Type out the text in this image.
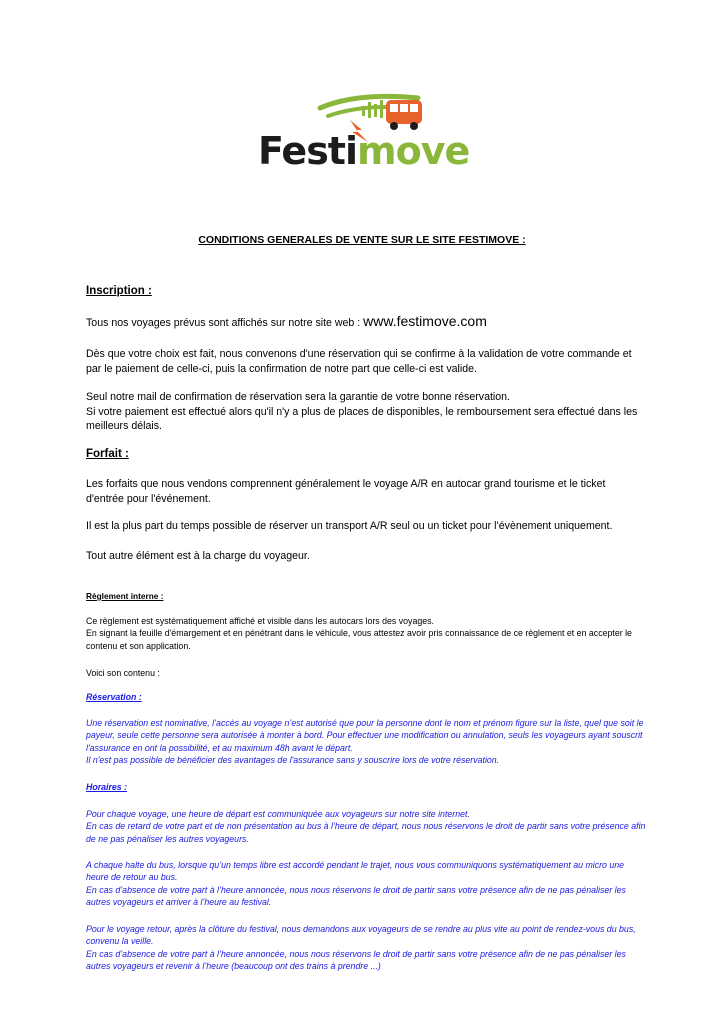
Festimove
CONDITIONS GENERALES DE VENTE SUR LE SITE FESTIMOVE :
Inscription :
Tous nos voyages prévus sont affichés sur notre site web : www.festimove.com
Dès que votre choix est fait, nous convenons d'une réservation qui se confirme à la validation de votre commande et par le paiement de celle-ci, puis la confirmation de notre part que celle-ci est valide.
Seul notre mail de confirmation de réservation sera la garantie de votre bonne réservation.
Si votre paiement est effectué alors qu'il n'y a plus de places de disponibles, le remboursement sera effectué dans les meilleurs délais.
Forfait :
Les forfaits que nous vendons comprennent généralement le voyage A/R en autocar grand tourisme et le ticket d'entrée pour l'événement.
Il est la plus part du temps possible de réserver un transport A/R seul ou un ticket pour l’évènement uniquement.
Tout autre élément est à la charge du voyageur.
Règlement interne :
Ce règlement est systématiquement affiché et visible dans les autocars lors des voyages.
En signant la feuille d'émargement et en pénétrant dans le véhicule, vous attestez avoir pris connaissance de ce règlement et en accepter le contenu et son application.
Voici son contenu :
Réservation :
Une réservation est nominative, l’accès au voyage n’est autorisé que pour la personne dont le nom et prénom figure sur la liste, quel que soit le payeur, seule cette personne sera autorisée à monter à bord. Pour effectuer une modification ou annulation, seuls les voyageurs ayant souscrit l'assurance en ont la possibilité, et au maximum 48h avant le départ.
Il n'est pas possible de bénéficier des avantages de l'assurance sans y souscrire lors de votre réservation.
Horaires :
Pour chaque voyage, une heure de départ est communiquée aux voyageurs sur notre site internet.
En cas de retard de votre part et de non présentation au bus à l’heure de départ, nous nous réservons le droit de partir sans votre présence afin de ne pas pénaliser les autres voyageurs.
A chaque halte du bus, lorsque qu’un temps libre est accordé pendant le trajet, nous vous communiquons systématiquement au micro une heure de retour au bus.
En cas d’absence de votre part à l’heure annoncée, nous nous réservons le droit de partir sans votre présence afin de ne pas pénaliser les autres voyageurs et arriver à l’heure au festival.
Pour le voyage retour, après la clôture du festival, nous demandons aux voyageurs de se rendre au plus vite au point de rendez-vous du bus, convenu la veille.
En cas d’absence de votre part à l’heure annoncée, nous nous réservons le droit de partir sans votre présence afin de ne pas pénaliser les autres voyageurs et revenir à l’heure (beaucoup ont des trains à prendre ...)
